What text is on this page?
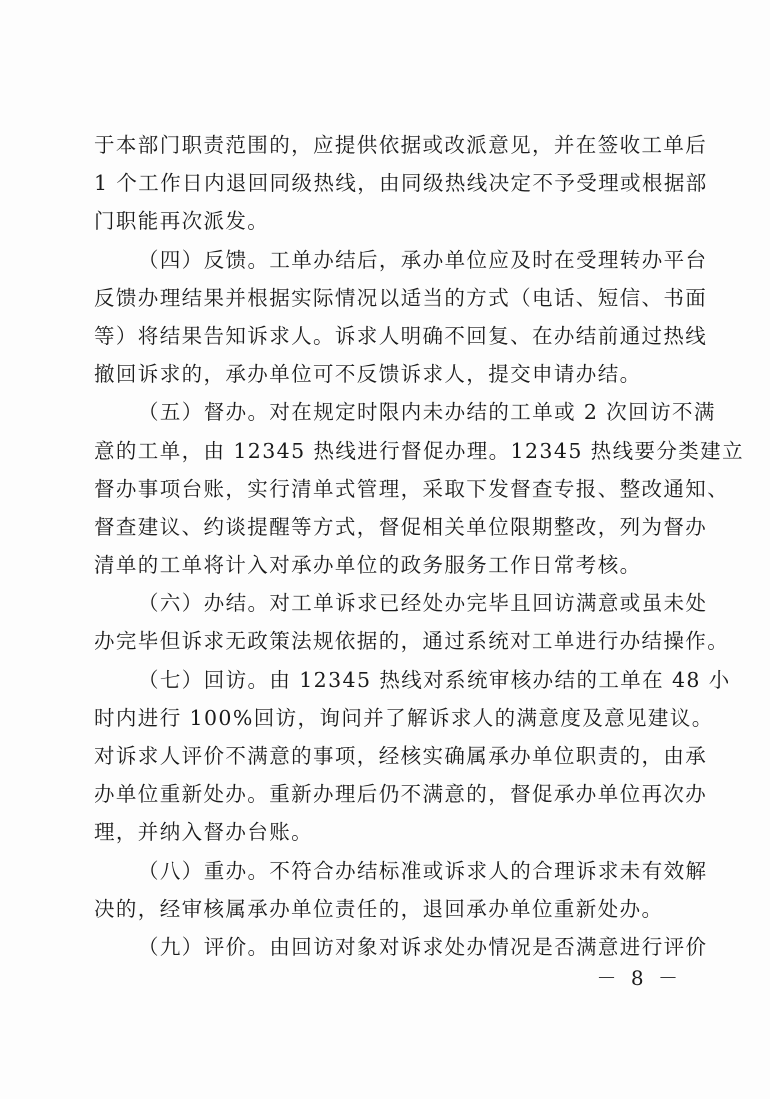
于本部门职责范围的，应提供依据或改派意见，并在签收工单后
1 个工作日内退回同级热线，由同级热线决定不予受理或根据部
门职能再次派发。
（四）反馈。工单办结后，承办单位应及时在受理转办平台
反馈办理结果并根据实际情况以适当的方式（电话、短信、书面
等）将结果告知诉求人。诉求人明确不回复、在办结前通过热线
撤回诉求的，承办单位可不反馈诉求人，提交申请办结。
（五）督办。对在规定时限内未办结的工单或 2 次回访不满
意的工单，由 12345 热线进行督促办理。12345 热线要分类建立
督办事项台账，实行清单式管理，采取下发督查专报、整改通知、
督查建议、约谈提醒等方式，督促相关单位限期整改，列为督办
清单的工单将计入对承办单位的政务服务工作日常考核。
（六）办结。对工单诉求已经处办完毕且回访满意或虽未处
办完毕但诉求无政策法规依据的，通过系统对工单进行办结操作。
（七）回访。由 12345 热线对系统审核办结的工单在 48 小
时内进行 100%回访，询问并了解诉求人的满意度及意见建议。
对诉求人评价不满意的事项，经核实确属承办单位职责的，由承
办单位重新处办。重新办理后仍不满意的，督促承办单位再次办
理，并纳入督办台账。
（八）重办。不符合办结标准或诉求人的合理诉求未有效解
决的，经审核属承办单位责任的，退回承办单位重新处办。
（九）评价。由回访对象对诉求处办情况是否满意进行评价
－ 8 －
